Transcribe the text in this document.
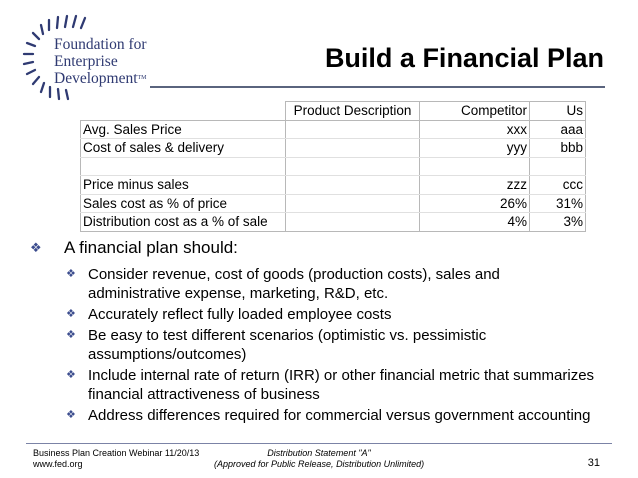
Foundation for
Enterprise
Development™
Build a Financial Plan
	Product Description	Competitor	Us
Avg. Sales Price		xxx	aaa
Cost of sales & delivery		yyy	bbb

Price minus sales		zzz	ccc
Sales cost as % of price		26%	31%
Distribution cost as a % of sale		4%	3%
❖	A financial plan should:
❖ Consider revenue, cost of goods (production costs), sales and
administrative expense, marketing, R&D, etc.
❖ Accurately reflect fully loaded employee costs
❖ Be easy to test different scenarios (optimistic vs. pessimistic
assumptions/outcomes)
❖ Include internal rate of return (IRR) or other financial metric that summarizes
financial attractiveness of business
❖ Address differences required for commercial versus government accounting
Business Plan Creation Webinar 11/20/13
www.fed.org
Distribution Statement "A"
(Approved for Public Release, Distribution Unlimited)	31
